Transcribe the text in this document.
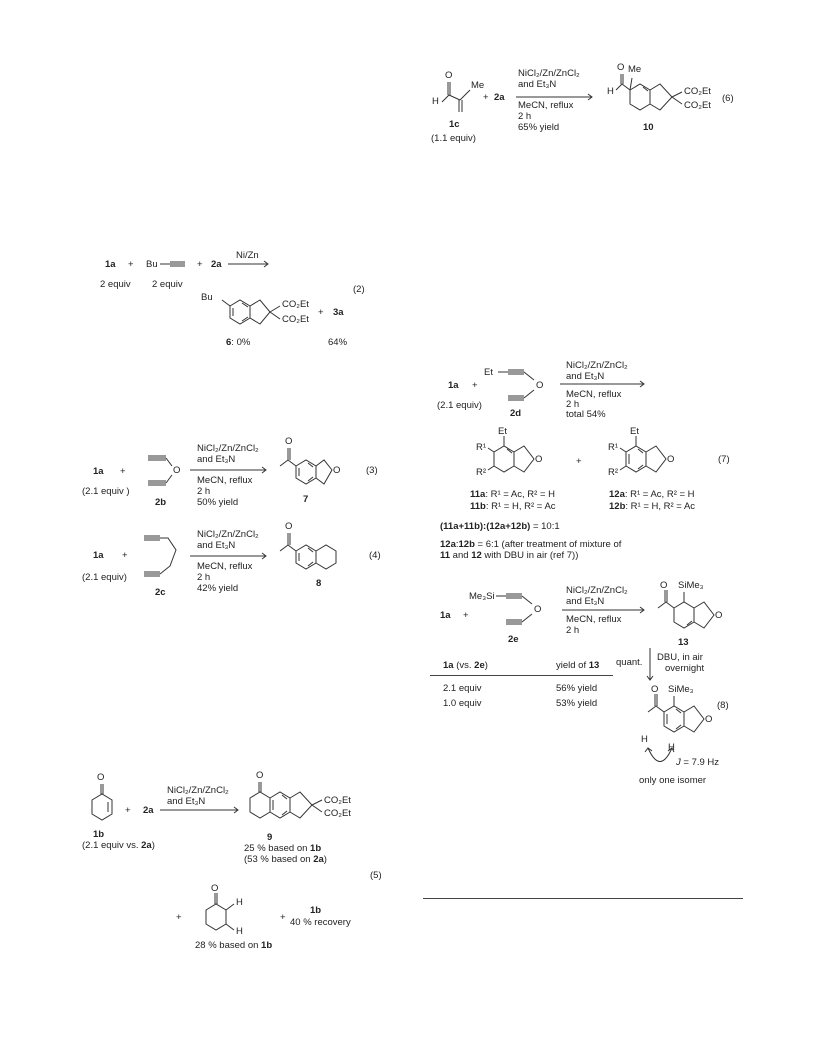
1a + Bu	+ 2a
Ni/Zn
2 equiv 2 equiv
Bu
CO₂Et
CO₂Et
6: 0%
+ 3a
64%
(2)
1a +
(2.1 equiv )
O
2b
NiCl₂/Zn/ZnCl₂
and Et₃N
MeCN, reflux
2 h
50% yield
O
O
7
(3)
1a +
(2.1 equiv)
2c
NiCl₂/Zn/ZnCl₂
and Et₃N
MeCN, reflux
2 h
42% yield
O
8
(4)
O
1b
(2.1 equiv vs. 2a)
+ 2a
NiCl₂/Zn/ZnCl₂
and Et₃N
O
CO₂Et
CO₂Et
9
25 % based on 1b
(53 % based on 2a)
(5)
+
O
H
H
28 % based on 1b
+
1b
40 % recovery
O
Me
H	+ 2a
1c
(1.1 equiv)
NiCl₂/Zn/ZnCl₂
and Et₃N
MeCN, reflux
2 h
65% yield
O Me
H	CO₂Et
CO₂Et
10
(6)
1a +
(2.1 equiv)
Et
O
2d
NiCl₂/Zn/ZnCl₂
and Et₃N
MeCN, reflux
2 h
total 54%
Et
R¹
R²
O	+
Et
R¹
R²
O	(7)
11a: R¹ = Ac, R² = H
11b: R¹ = H, R² = Ac
12a: R¹ = Ac, R² = H
12b: R¹ = H, R² = Ac
(11a+11b):(12a+12b) = 10:1
12a:12b = 6:1 (after treatment of mixture of
11 and 12 with DBU in air (ref 7))
1a +
Me₃Si
O
2e
NiCl₂/Zn/ZnCl₂
and Et₃N
MeCN, reflux
2 h
O SiMe₃
O
13
quant. DBU, in air
overnight
O SiMe₃
O
H
H
J = 7.9 Hz
only one isomer
(8)
1a (vs. 2e)	yield of 13
2.1 equiv	56% yield
1.0 equiv	53% yield
